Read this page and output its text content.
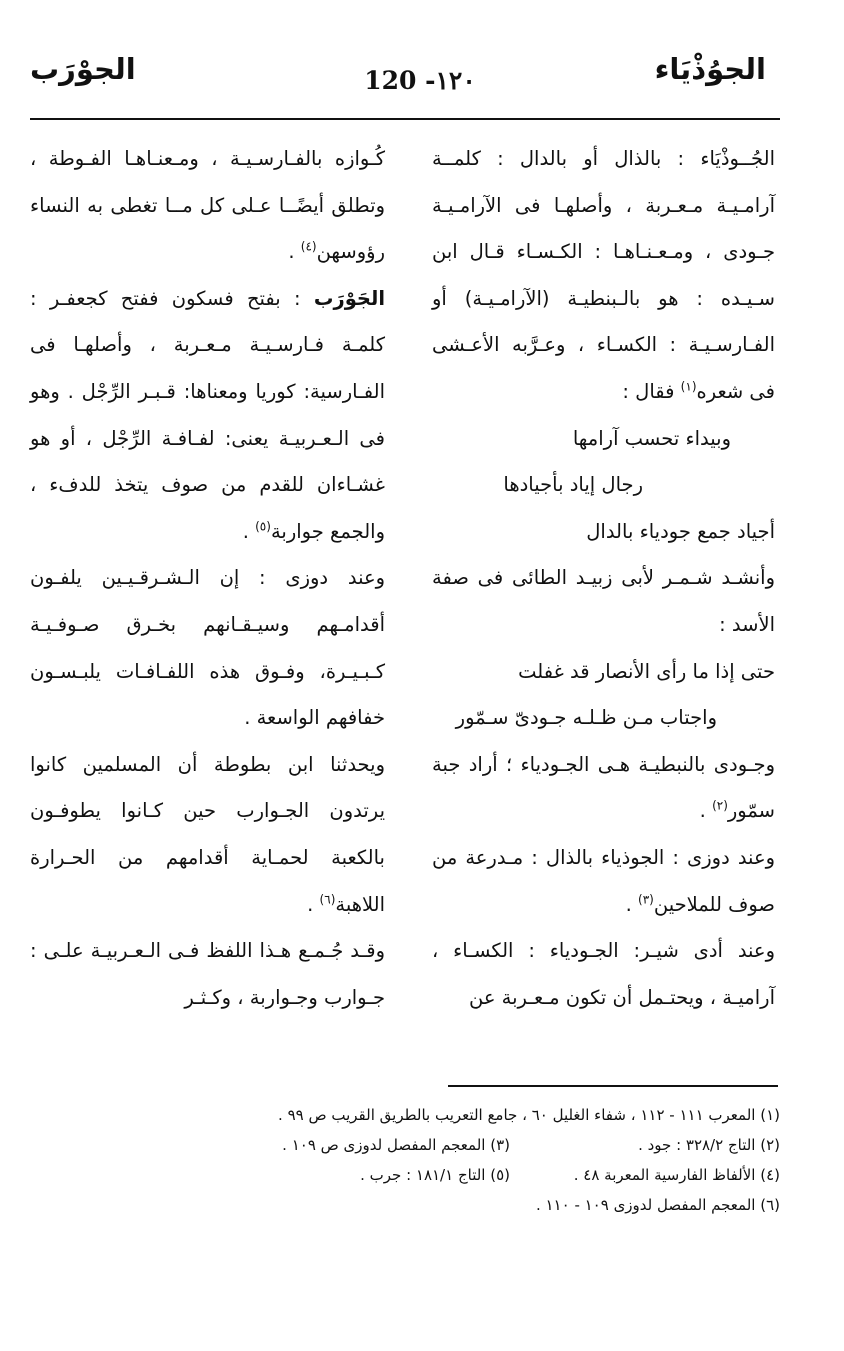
الجوُذْيَاء
120 -١٢٠
الجوْرَب

الجُــوذْيَاء : بالذال أو بالدال : كلمــة آرامـيـة مـعـربة ، وأصلهـا فى الآرامـيـة جـودى ، ومـعـنـاهـا : الكـسـاء قـال ابن سـيـده : هو بالـبنطيـة (الآرامـيـة) أو الفـارسـيـة : الكسـاء ، وعـرَّبه الأعـشى فى شعره$^{(١)}$ فقال :

وبيداء تحسب آرامها
رجال إياد بأجيادها

أجياد جمع جودياء بالدال

وأنشـد شـمـر لأبى زبيـد الطائى فى صفة الأسد :

حتى إذا ما رأى الأنصار قد غفلت
واجتاب مـن ظـلـه جـودىّ سـمّور

وجـودى بالنبطيـة هـى الجـودياء ؛ أراد جبة سمّور$^{(٢)}$ .

وعند دوزى : الجوذياء بالذال : مـدرعة من صوف للملاحين$^{(٣)}$ .

وعند أدى شيـر: الجـودياء : الكسـاء ، آراميـة ، ويحتـمل أن تكون مـعـربة عن

كُـوازه بالفـارسـيـة ، ومـعنـاهـا الفـوطة ، وتطلق أيضًــا عـلى كل مــا تغطى به النساء رؤوسهن$^{(٤)}$ .

الجَوْرَب : بفتح فسكون ففتح كجعفـر : كلمـة فـارسـيـة مـعـربة ، وأصلهـا فى الفـارسية: كوريا ومعناها: قـبـر الرِّجْل . وهو فى الـعـربيـة يعنى: لفـافـة الرِّجْل ، أو هو غشـاءان للقدم من صوف يتخذ للدفء ، والجمع جواربة$^{(٥)}$ .

وعند دوزى : إن الـشـرقـيـين يلفـون أقدامـهم وسيـقـانهم بخـرق صـوفـيـة كـبـيـرة، وفـوق هذه اللفـافـات يلبـسـون خفافهم الواسعة .

ويحدثنا ابن بطوطة أن المسلمين كانوا يرتدون الجـوارب حين كـانوا يطوفـون بالكعبة لحمـاية أقدامهم من الحـرارة اللاهبة$^{(٦)}$ .

وقـد جُـمـع هـذا اللفظ فـى الـعـربيـة علـى : جـوارب وجـواربة ، وكـثـر

(١) المعرب ١١١ - ١١٢ ، شفاء الغليل ٦٠ ، جامع التعريب بالطريق القريب ص ٩٩ .
(٢) التاج ٣٢٨/٢ : جود .
(٣) المعجم المفصل لدوزى ص ١٠٩ .
(٤) الألفاظ الفارسية المعربة ٤٨ .
(٥) التاج ١٨١/١ : جرب .
(٦) المعجم المفصل لدوزى ١٠٩ - ١١٠ .
